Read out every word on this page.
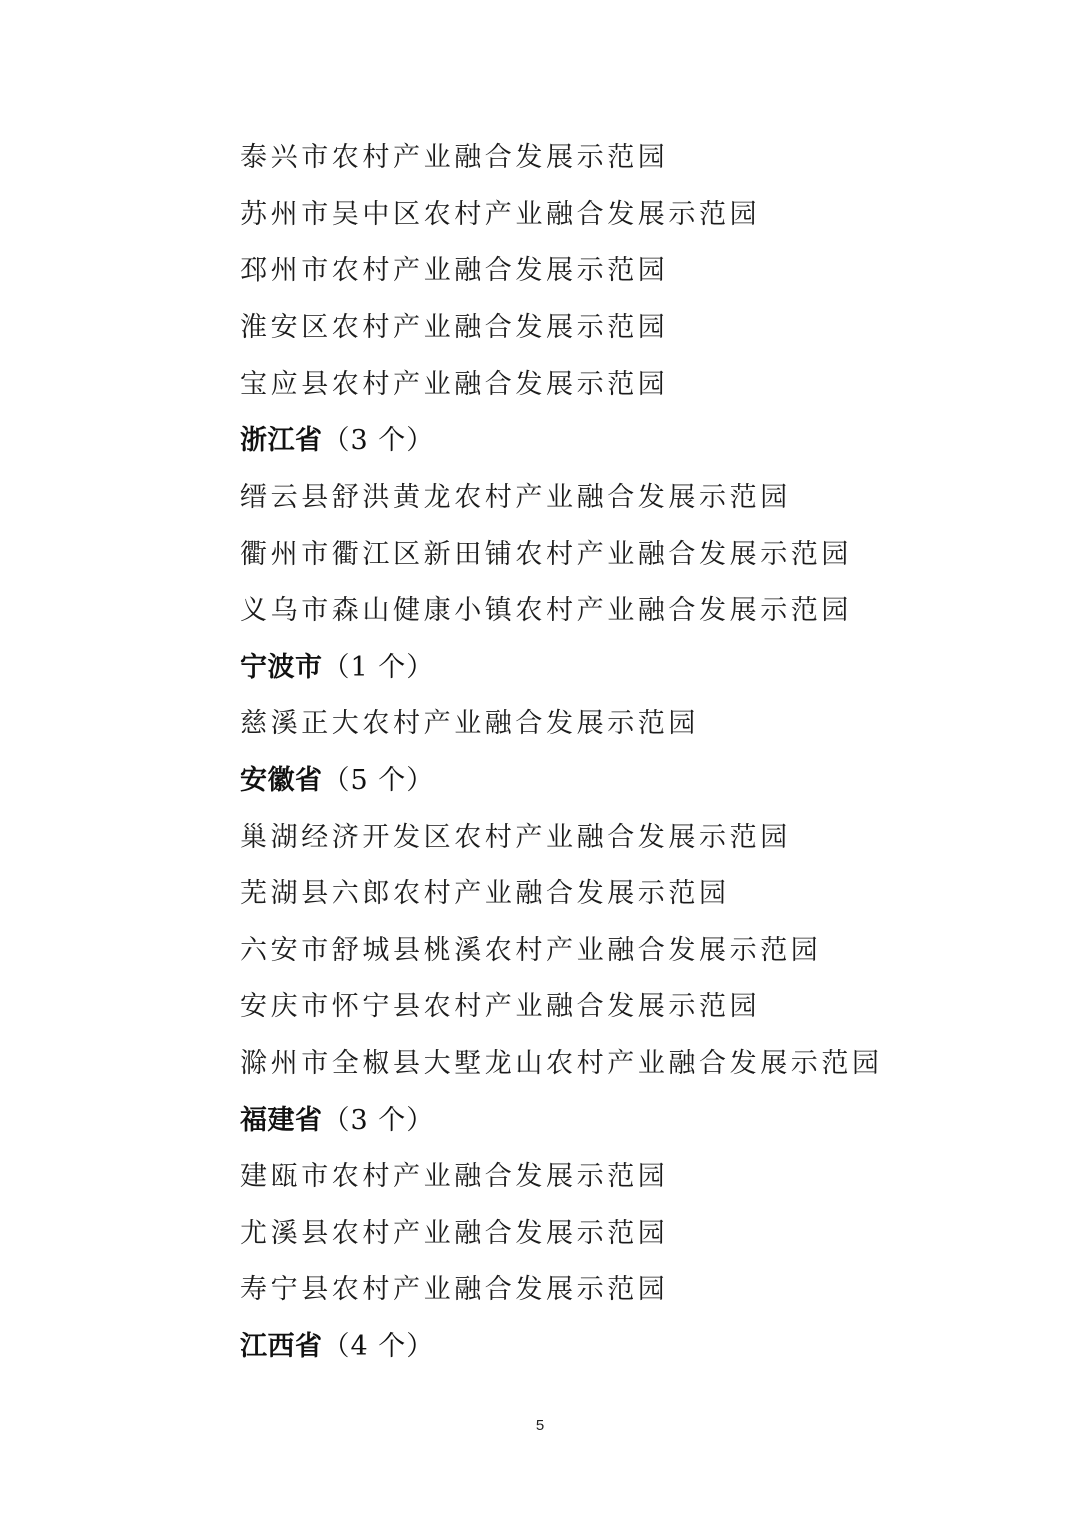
泰兴市农村产业融合发展示范园
苏州市吴中区农村产业融合发展示范园
邳州市农村产业融合发展示范园
淮安区农村产业融合发展示范园
宝应县农村产业融合发展示范园
浙江省（3 个）
缙云县舒洪黄龙农村产业融合发展示范园
衢州市衢江区新田铺农村产业融合发展示范园
义乌市森山健康小镇农村产业融合发展示范园
宁波市（1 个）
慈溪正大农村产业融合发展示范园
安徽省（5 个）
巢湖经济开发区农村产业融合发展示范园
芜湖县六郎农村产业融合发展示范园
六安市舒城县桃溪农村产业融合发展示范园
安庆市怀宁县农村产业融合发展示范园
滁州市全椒县大墅龙山农村产业融合发展示范园
福建省（3 个）
建瓯市农村产业融合发展示范园
尤溪县农村产业融合发展示范园
寿宁县农村产业融合发展示范园
江西省（4 个）
5
